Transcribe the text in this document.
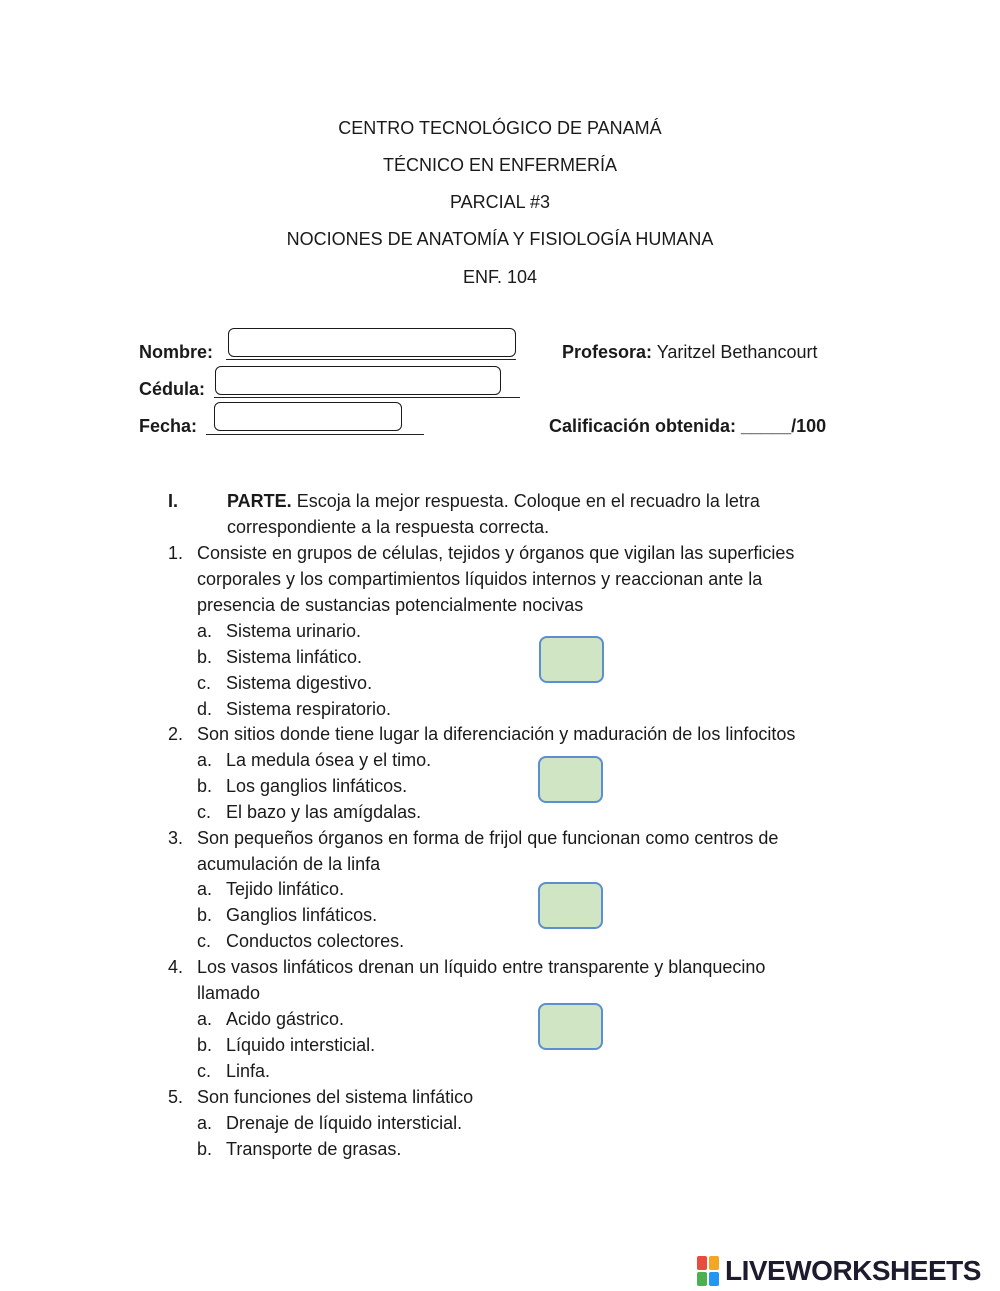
CENTRO TECNOLÓGICO DE PANAMÁ
TÉCNICO EN ENFERMERÍA
PARCIAL #3
NOCIONES DE ANATOMÍA Y FISIOLOGÍA HUMANA
ENF. 104
Nombre:	Profesora: Yaritzel Bethancourt
Cédula:
Fecha:	Calificación obtenida: _____/100
I.	PARTE. Escoja la mejor respuesta. Coloque en el recuadro la letra
correspondiente a la respuesta correcta.
1. Consiste en grupos de células, tejidos y órganos que vigilan las superficies
corporales y los compartimientos líquidos internos y reaccionan ante la
presencia de sustancias potencialmente nocivas
a. Sistema urinario.
b. Sistema linfático.
c. Sistema digestivo.
d. Sistema respiratorio.
2. Son sitios donde tiene lugar la diferenciación y maduración de los linfocitos
a. La medula ósea y el timo.
b. Los ganglios linfáticos.
c. El bazo y las amígdalas.
3. Son pequeños órganos en forma de frijol que funcionan como centros de
acumulación de la linfa
a. Tejido linfático.
b. Ganglios linfáticos.
c. Conductos colectores.
4. Los vasos linfáticos drenan un líquido entre transparente y blanquecino
llamado
a. Acido gástrico.
b. Líquido intersticial.
c. Linfa.
5. Son funciones del sistema linfático
a. Drenaje de líquido intersticial.
b. Transporte de grasas.
LIVEWORKSHEETS
